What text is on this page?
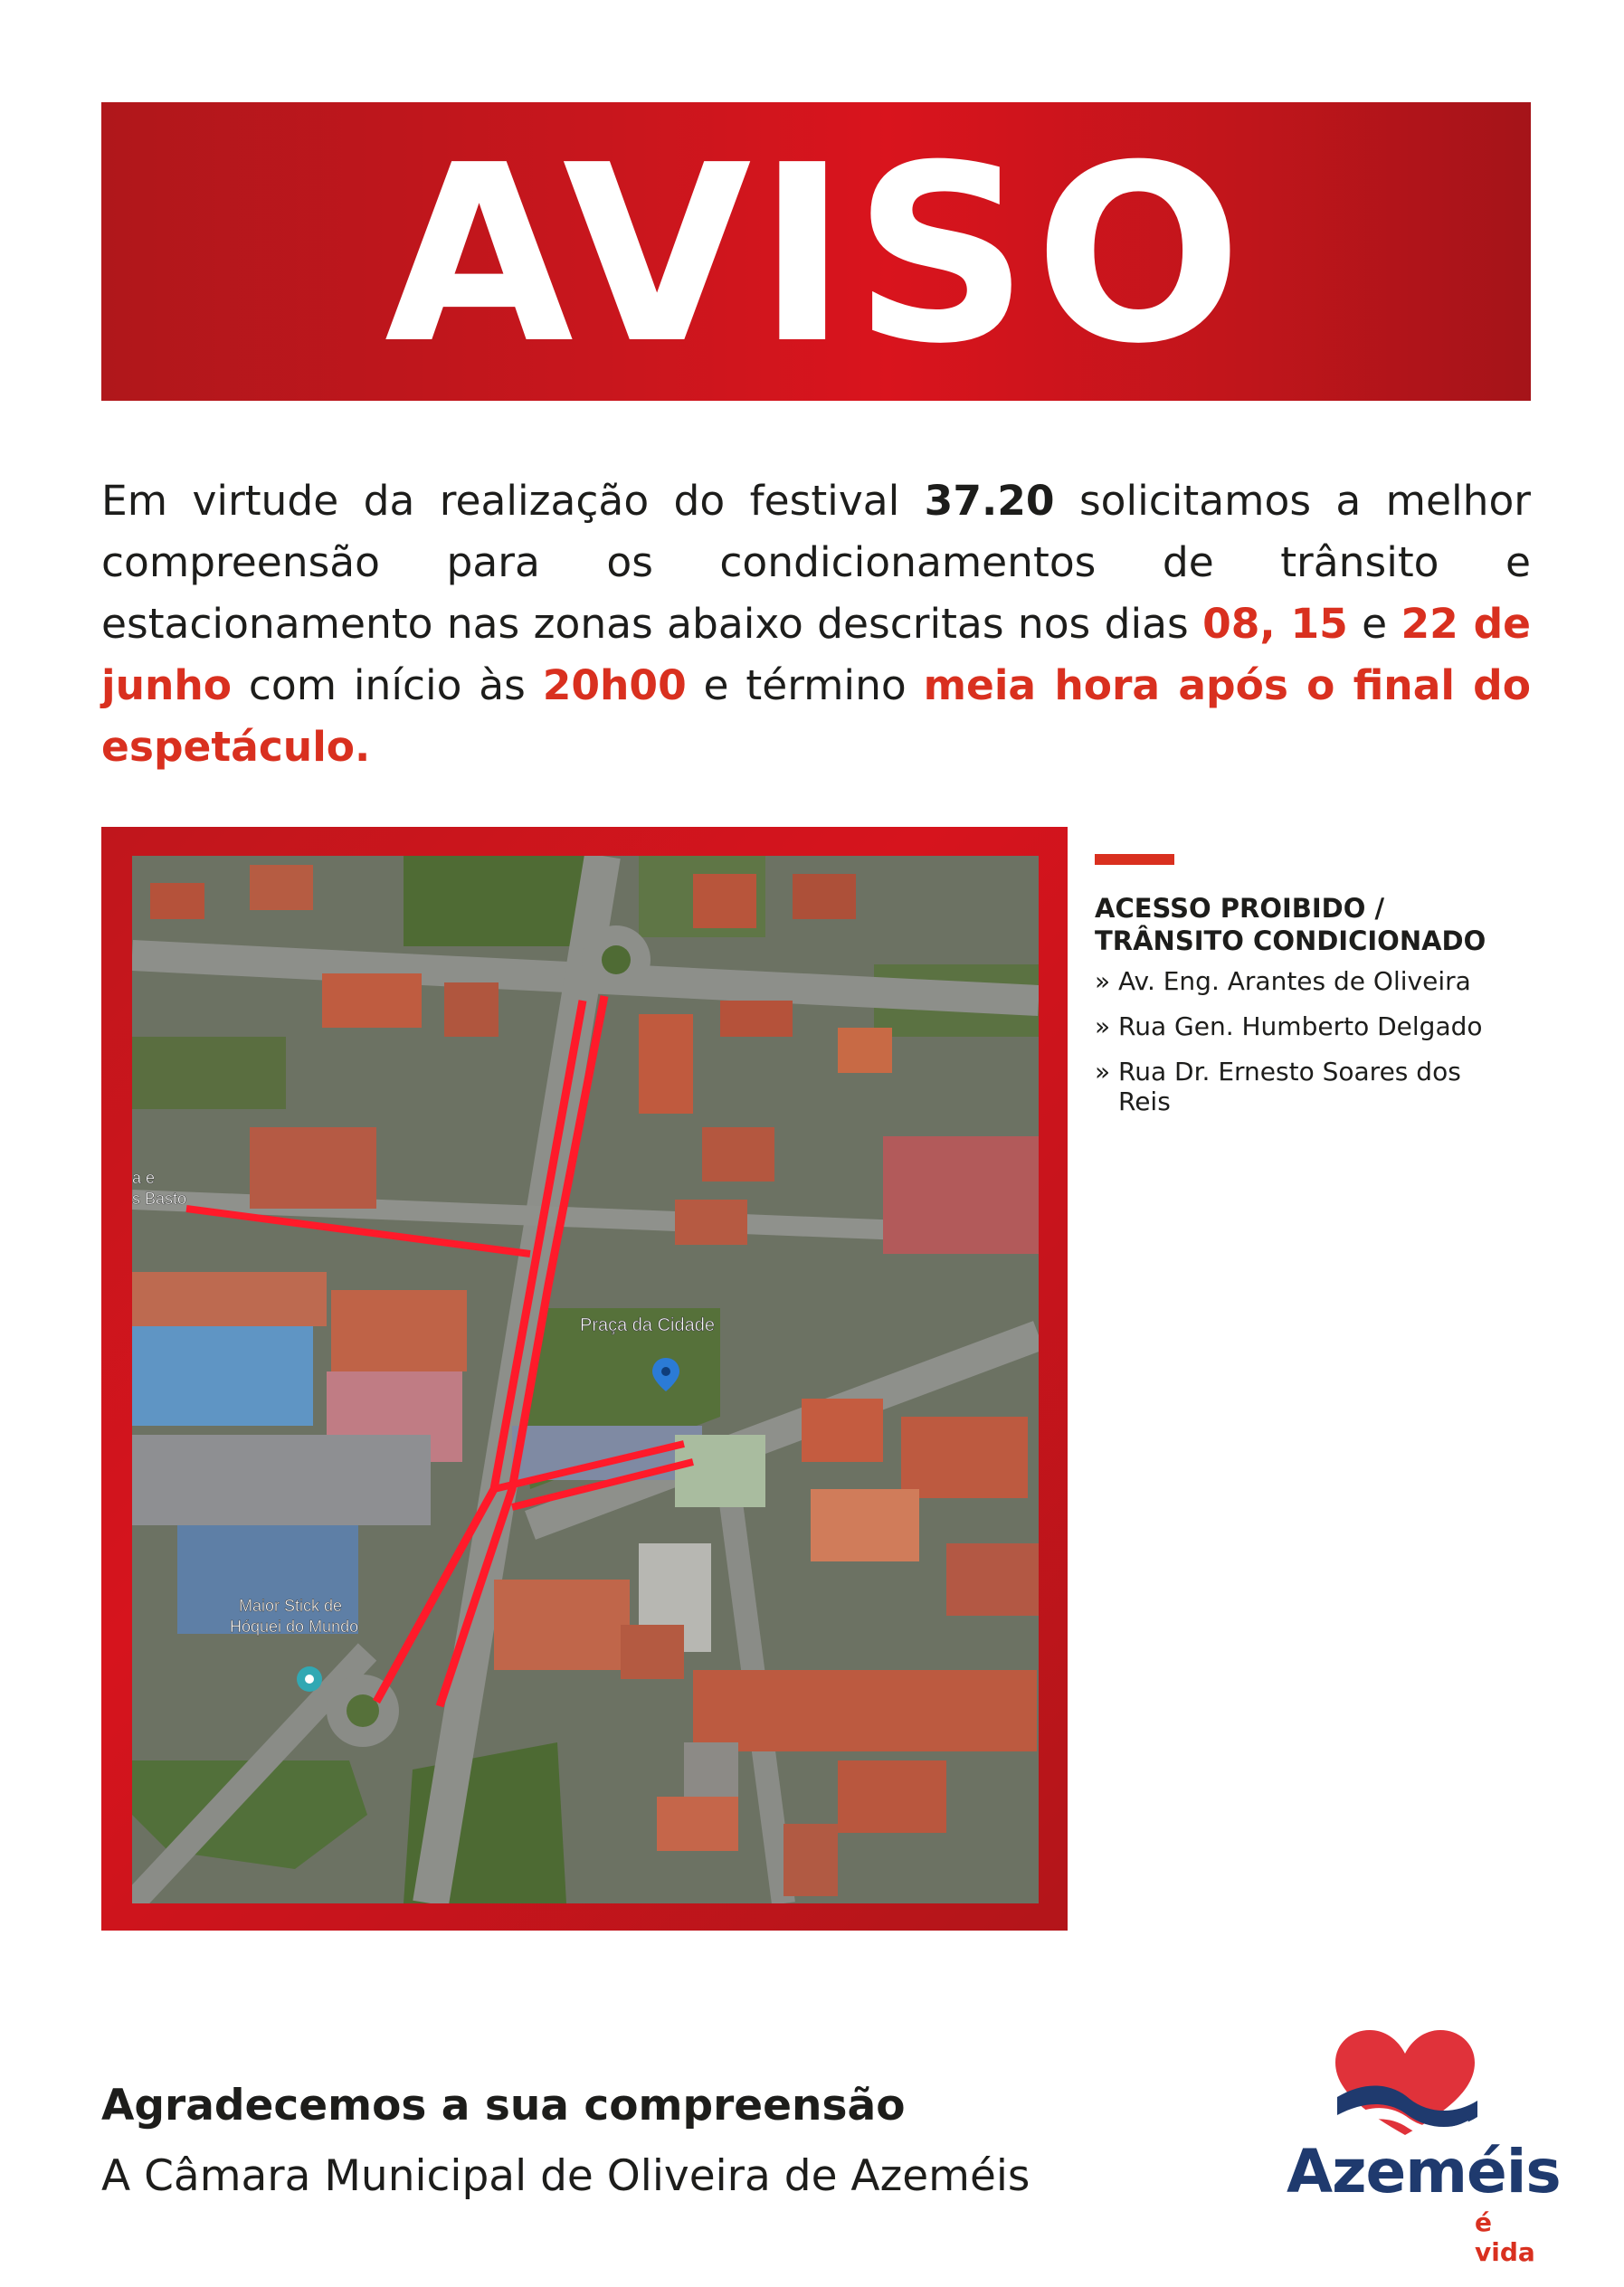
AVISO

Em virtude da realização do festival 37.20 solicitamos a melhor compreensão para os condicionamentos de trânsito e estacionamento nas zonas abaixo descritas nos dias 08, 15 e 22 de junho com início às 20h00 e término meia hora após o final do espetáculo.

Praça da Cidade
Maior Stick de
Hóquei do Mundo
a e
s Basto
ACESSO PROIBIDO /
TRÂNSITO CONDICIONADO
» Av. Eng. Arantes de Oliveira
» Rua Gen. Humberto Delgado
» Rua Dr. Ernesto Soares dos Reis
Agradecemos a sua compreensão
A Câmara Municipal de Oliveira de Azeméis	Azeméis
é vida
